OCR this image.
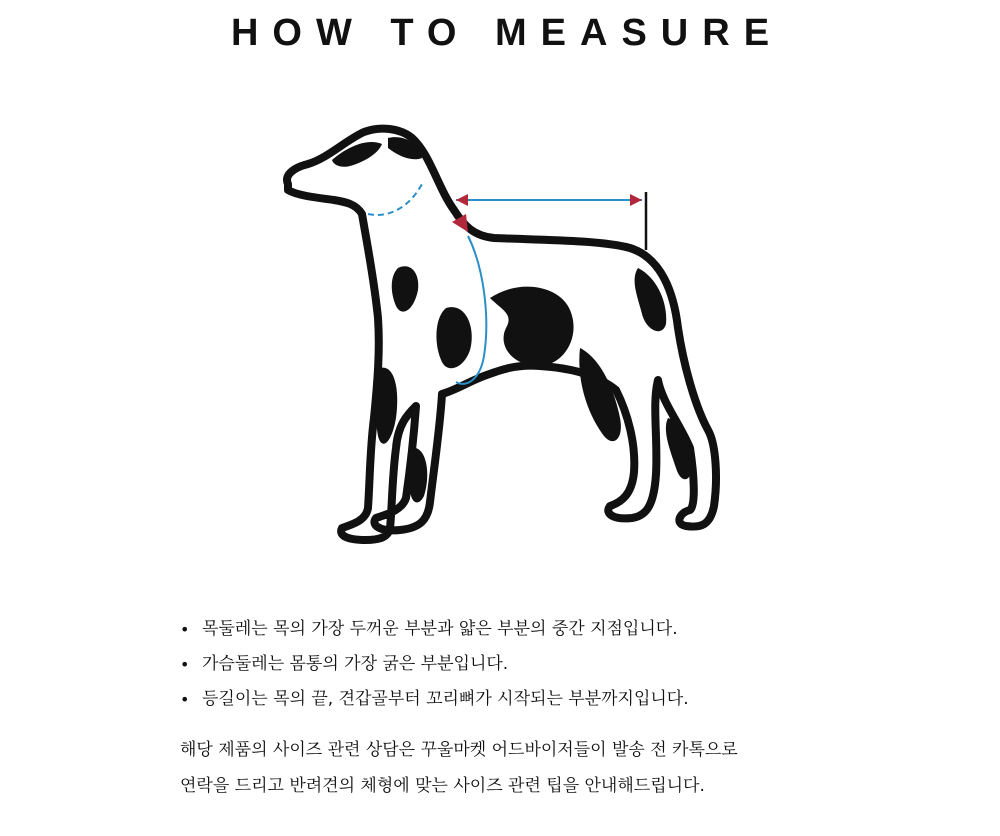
HOW TO MEASURE
• 목둘레는 목의 가장 두꺼운 부분과 얇은 부분의 중간 지점입니다.
• 가슴둘레는 몸통의 가장 굵은 부분입니다.
• 등길이는 목의 끝, 견갑골부터 꼬리뼈가 시작되는 부분까지입니다.

해당 제품의 사이즈 관련 상담은 꾸울마켓 어드바이저들이 발송 전 카톡으로

연락을 드리고 반려견의 체형에 맞는 사이즈 관련 팁을 안내해드립니다.
